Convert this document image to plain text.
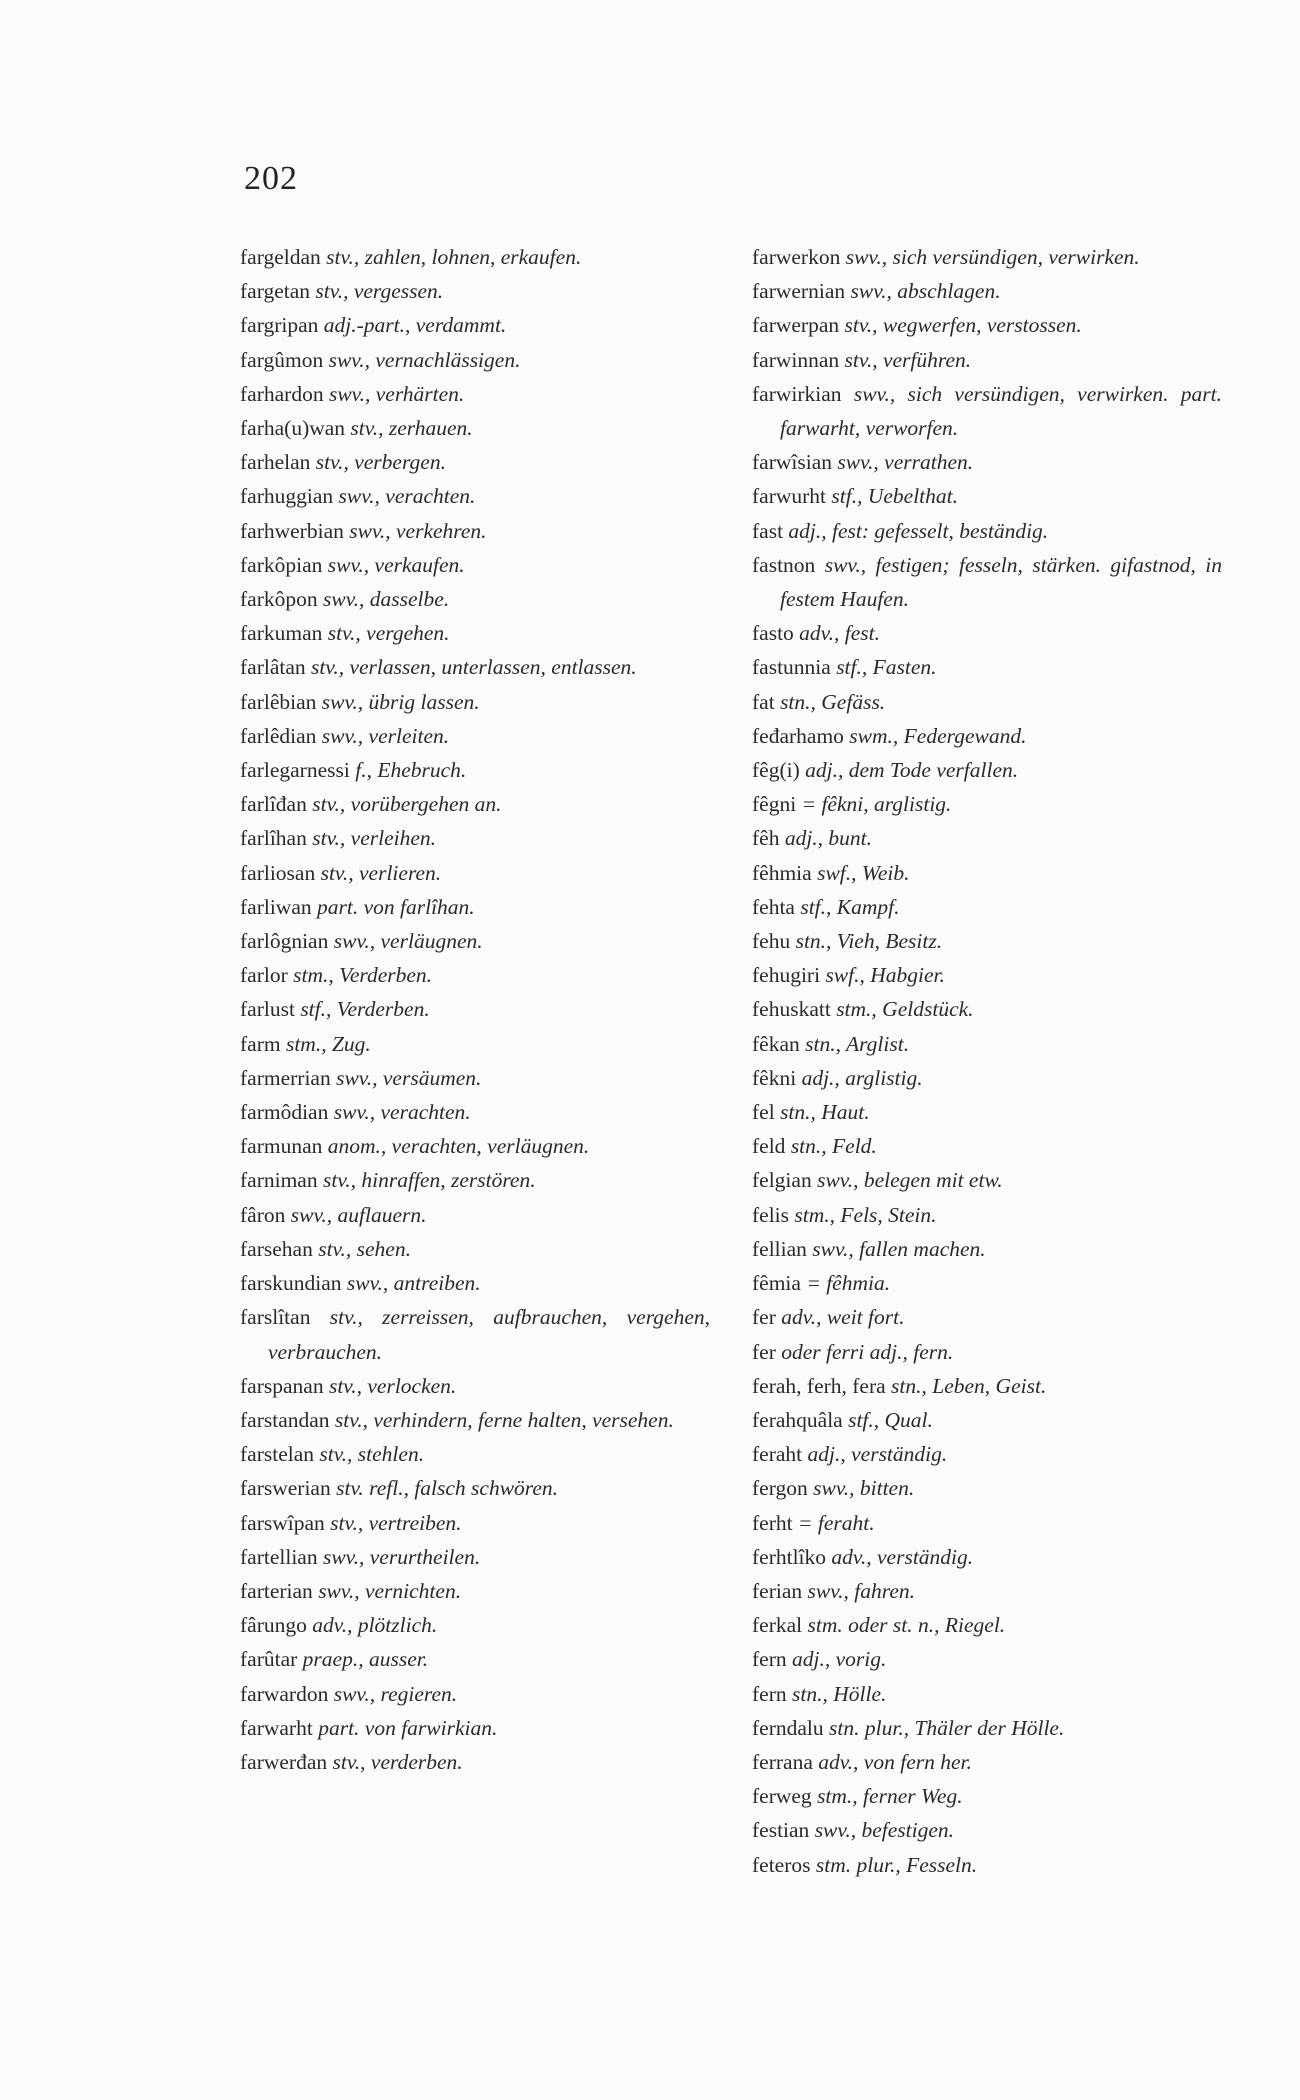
202
fargeldan stv., zahlen, lohnen, erkaufen.
fargetan stv., vergessen.
fargripan adj.-part., verdammt.
fargûmon swv., vernachlässigen.
farhardon swv., verhärten.
farha(u)wan stv., zerhauen.
farhelan stv., verbergen.
farhuggian swv., verachten.
farhwerbian swv., verkehren.
farkôpian swv., verkaufen.
farkôpon swv., dasselbe.
farkuman stv., vergehen.
farlâtan stv., verlassen, unterlassen, entlassen.
farlêbian swv., übrig lassen.
farlêdian swv., verleiten.
farlegarnessi f., Ehebruch.
farlîđan stv., vorübergehen an.
farlîhan stv., verleihen.
farliosan stv., verlieren.
farliwan part. von farlîhan.
farlôgnian swv., verläugnen.
farlor stm., Verderben.
farlust stf., Verderben.
farm stm., Zug.
farmerrian swv., versäumen.
farmôdian swv., verachten.
farmunan anom., verachten, verläugnen.
farniman stv., hinraffen, zerstören.
fâron swv., auflauern.
farsehan stv., sehen.
farskundian swv., antreiben.
farslîtan stv., zerreissen, aufbrauchen, vergehen, verbrauchen.
farspanan stv., verlocken.
farstandan stv., verhindern, ferne halten, versehen.
farstelan stv., stehlen.
farswerian stv. refl., falsch schwören.
farswîpan stv., vertreiben.
fartellian swv., verurtheilen.
farterian swv., vernichten.
fârungo adv., plötzlich.
farûtar praep., ausser.
farwardon swv., regieren.
farwarht part. von farwirkian.
farwerđan stv., verderben.
farwerkon swv., sich versündigen, verwirken.
farwernian swv., abschlagen.
farwerpan stv., wegwerfen, verstossen.
farwinnan stv., verführen.
farwirkian swv., sich versündigen, verwirken. part. farwarht, verworfen.
farwîsian swv., verrathen.
farwurht stf., Uebelthat.
fast adj., fest: gefesselt, beständig.
fastnon swv., festigen; fesseln, stärken. gifastnod, in festem Haufen.
fasto adv., fest.
fastunnia stf., Fasten.
fat stn., Gefäss.
feđarhamo swm., Federgewand.
fêg(i) adj., dem Tode verfallen.
fêgni = fêkni, arglistig.
fêh adj., bunt.
fêhmia swf., Weib.
fehta stf., Kampf.
fehu stn., Vieh, Besitz.
fehugiri swf., Habgier.
fehuskatt stm., Geldstück.
fêkan stn., Arglist.
fêkni adj., arglistig.
fel stn., Haut.
feld stn., Feld.
felgian swv., belegen mit etw.
felis stm., Fels, Stein.
fellian swv., fallen machen.
fêmia = fêhmia.
fer adv., weit fort.
fer oder ferri adj., fern.
ferah, ferh, fera stn., Leben, Geist.
ferahquâla stf., Qual.
feraht adj., verständig.
fergon swv., bitten.
ferht = feraht.
ferhtlîko adv., verständig.
ferian swv., fahren.
ferkal stm. oder st. n., Riegel.
fern adj., vorig.
fern stn., Hölle.
ferndalu stn. plur., Thäler der Hölle.
ferrana adv., von fern her.
ferweg stm., ferner Weg.
festian swv., befestigen.
feteros stm. plur., Fesseln.
